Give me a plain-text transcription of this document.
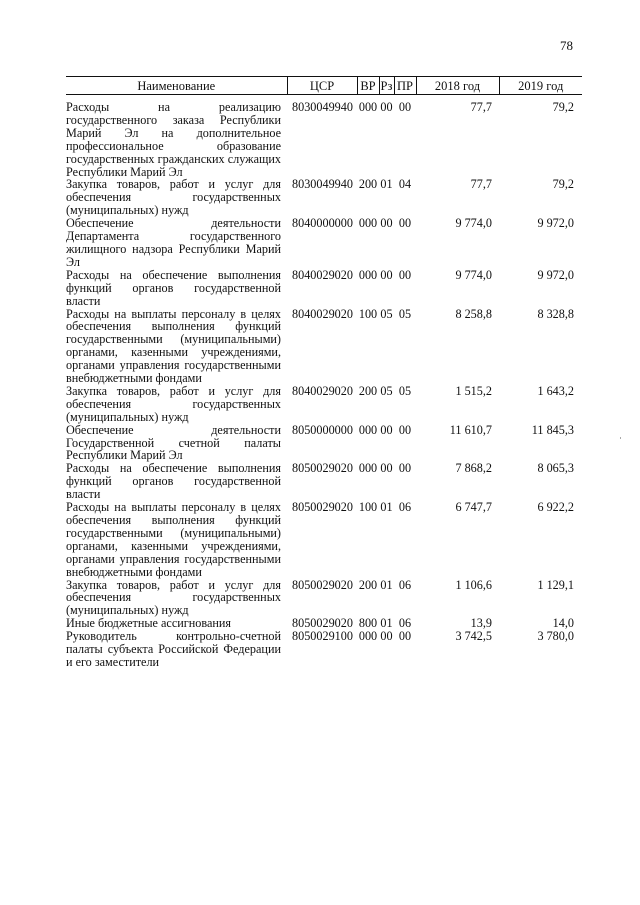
78
Наименование	ЦСР	ВР	Рз	ПР	2018 год	2019 год
Расходы на реализацию государственного заказа Республики Марий Эл на дополнительное профессиональное образование государственных гражданских служащих Республики Марий Эл	8030049940	000	00	00	77,7	79,2
Закупка товаров, работ и услуг для обеспечения государственных (муниципальных) нужд	8030049940	200	01	04	77,7	79,2
Обеспечение деятельности Департамента государственного жилищного надзора Республики Марий Эл	8040000000	000	00	00	9 774,0	9 972,0
Расходы на обеспечение выполнения функций органов государственной власти	8040029020	000	00	00	9 774,0	9 972,0
Расходы на выплаты персоналу в целях обеспечения выполнения функций государственными (муниципальными) органами, казенными учреждениями, органами управления государственными внебюджетными фондами	8040029020	100	05	05	8 258,8	8 328,8
Закупка товаров, работ и услуг для обеспечения государственных (муниципальных) нужд	8040029020	200	05	05	1 515,2	1 643,2
Обеспечение деятельности Государственной счетной палаты Республики Марий Эл	8050000000	000	00	00	11 610,7	11 845,3
Расходы на обеспечение выполнения функций органов государственной власти	8050029020	000	00	00	7 868,2	8 065,3
Расходы на выплаты персоналу в целях обеспечения выполнения функций государственными (муниципальными) органами, казенными учреждениями, органами управления государственными внебюджетными фондами	8050029020	100	01	06	6 747,7	6 922,2
Закупка товаров, работ и услуг для обеспечения государственных (муниципальных) нужд	8050029020	200	01	06	1 106,6	1 129,1
Иные бюджетные ассигнования	8050029020	800	01	06	13,9	14,0
Руководитель контрольно-счетной палаты субъекта Российской Федерации и его заместители	8050029100	000	00	00	3 742,5	3 780,0
